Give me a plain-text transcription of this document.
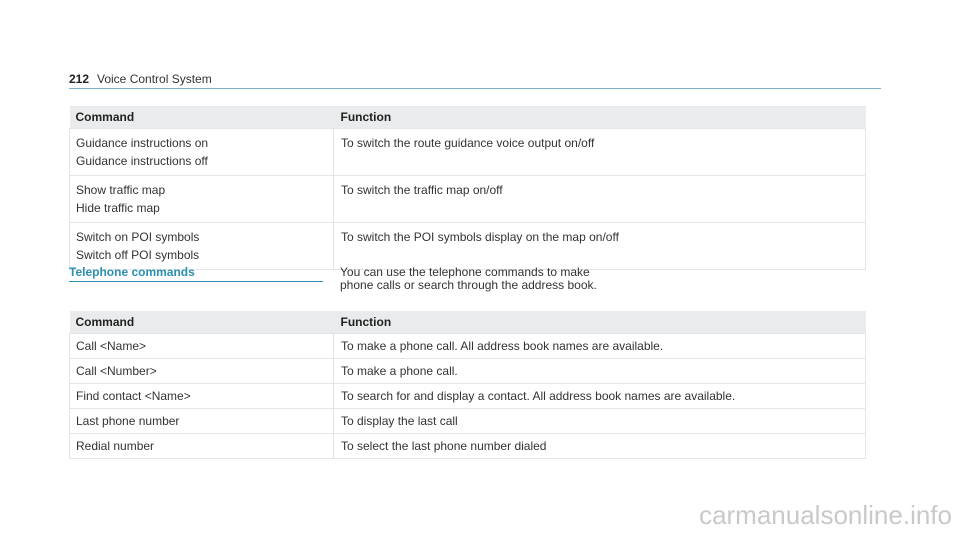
212 Voice Control System
Command	Function

Guidance instructions on
Guidance instructions off	To switch the route guidance voice output on/off

Show traffic map
Hide traffic map	To switch the traffic map on/off

Switch on POI symbols
Switch off POI symbols	To switch the POI symbols display on the map on/off
Telephone commands	You can use the telephone commands to make
phone calls or search through the address book.
Command	Function
Call <Name>	To make a phone call. All address book names are available.
Call <Number>	To make a phone call.
Find contact <Name>	To search for and display a contact. All address book names are available.
Last phone number	To display the last call
Redial number	To select the last phone number dialed
carmanualsonline.info
